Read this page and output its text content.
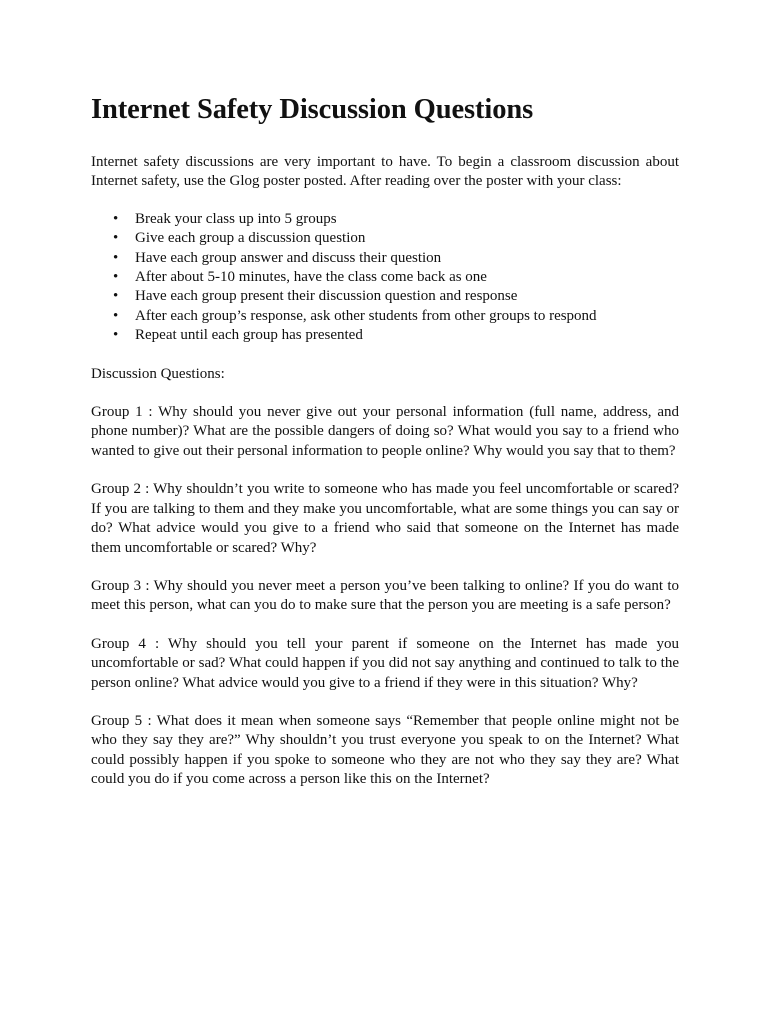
Internet Safety Discussion Questions

Internet safety discussions are very important to have. To begin a classroom discussion about Internet safety, use the Glog poster posted. After reading over the poster with your class:

• Break your class up into 5 groups
• Give each group a discussion question
• Have each group answer and discuss their question
• After about 5-10 minutes, have the class come back as one
• Have each group present their discussion question and response
• After each group’s response, ask other students from other groups to respond
• Repeat until each group has presented

Discussion Questions:

Group 1 : Why should you never give out your personal information (full name, address, and phone number)? What are the possible dangers of doing so? What would you say to a friend who wanted to give out their personal information to people online? Why would you say that to them?

Group 2 : Why shouldn’t you write to someone who has made you feel uncomfortable or scared? If you are talking to them and they make you uncomfortable, what are some things you can say or do? What advice would you give to a friend who said that someone on the Internet has made them uncomfortable or scared? Why?

Group 3 : Why should you never meet a person you’ve been talking to online? If you do want to meet this person, what can you do to make sure that the person you are meeting is a safe person?

Group 4 : Why should you tell your parent if someone on the Internet has made you uncomfortable or sad? What could happen if you did not say anything and continued to talk to the person online? What advice would you give to a friend if they were in this situation? Why?

Group 5 : What does it mean when someone says “Remember that people online might not be who they say they are?” Why shouldn’t you trust everyone you speak to on the Internet? What could possibly happen if you spoke to someone who they are not who they say they are? What could you do if you come across a person like this on the Internet?
